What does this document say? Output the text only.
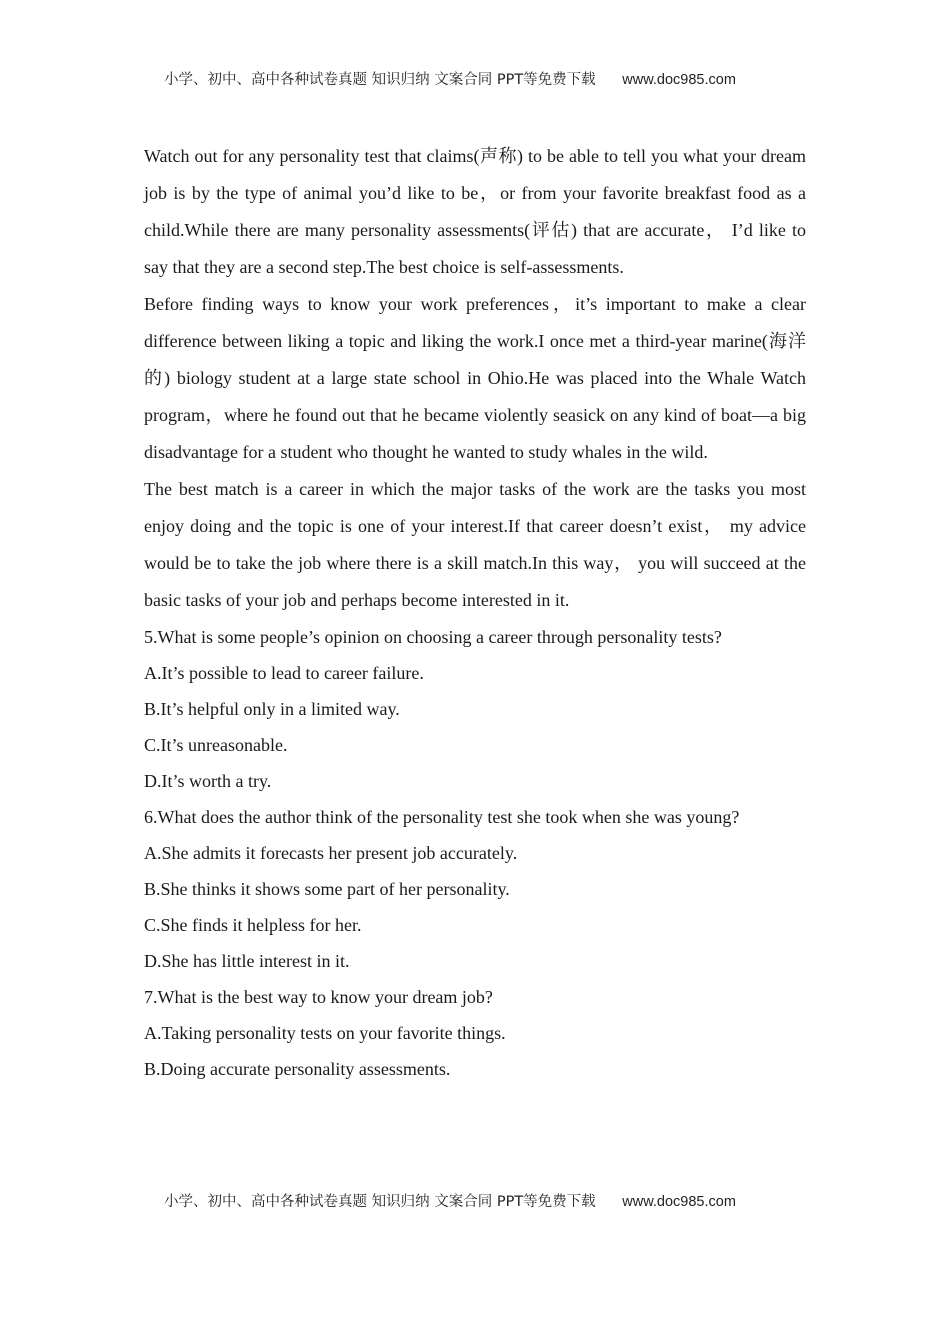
小学、初中、高中各种试卷真题 知识归纳 文案合同 PPT等免费下载 www.doc985.com

Watch out for any personality test that claims(声称) to be able to tell you what your dream job is by the type of animal you’d like to be，or from your favorite breakfast food as a child.While there are many personality assessments(评估) that are accurate， I’d like to say that they are a second step.The best choice is self-assessments.

Before finding ways to know your work preferences，it’s important to make a clear difference between liking a topic and liking the work.I once met a third-year marine(海洋的) biology student at a large state school in Ohio.He was placed into the Whale Watch program，where he found out that he became violently seasick on any kind of boat—a big disadvantage for a student who thought he wanted to study whales in the wild.

The best match is a career in which the major tasks of the work are the tasks you most enjoy doing and the topic is one of your interest.If that career doesn’t exist， my advice would be to take the job where there is a skill match.In this way， you will succeed at the basic tasks of your job and perhaps become interested in it.

5.What is some people’s opinion on choosing a career through personality tests?

A.It’s possible to lead to career failure.

B.It’s helpful only in a limited way.

C.It’s unreasonable.

D.It’s worth a try.

6.What does the author think of the personality test she took when she was young?

A.She admits it forecasts her present job accurately.

B.She thinks it shows some part of her personality.

C.She finds it helpless for her.

D.She has little interest in it.

7.What is the best way to know your dream job?

A.Taking personality tests on your favorite things.

B.Doing accurate personality assessments.

小学、初中、高中各种试卷真题 知识归纳 文案合同 PPT等免费下载 www.doc985.com
